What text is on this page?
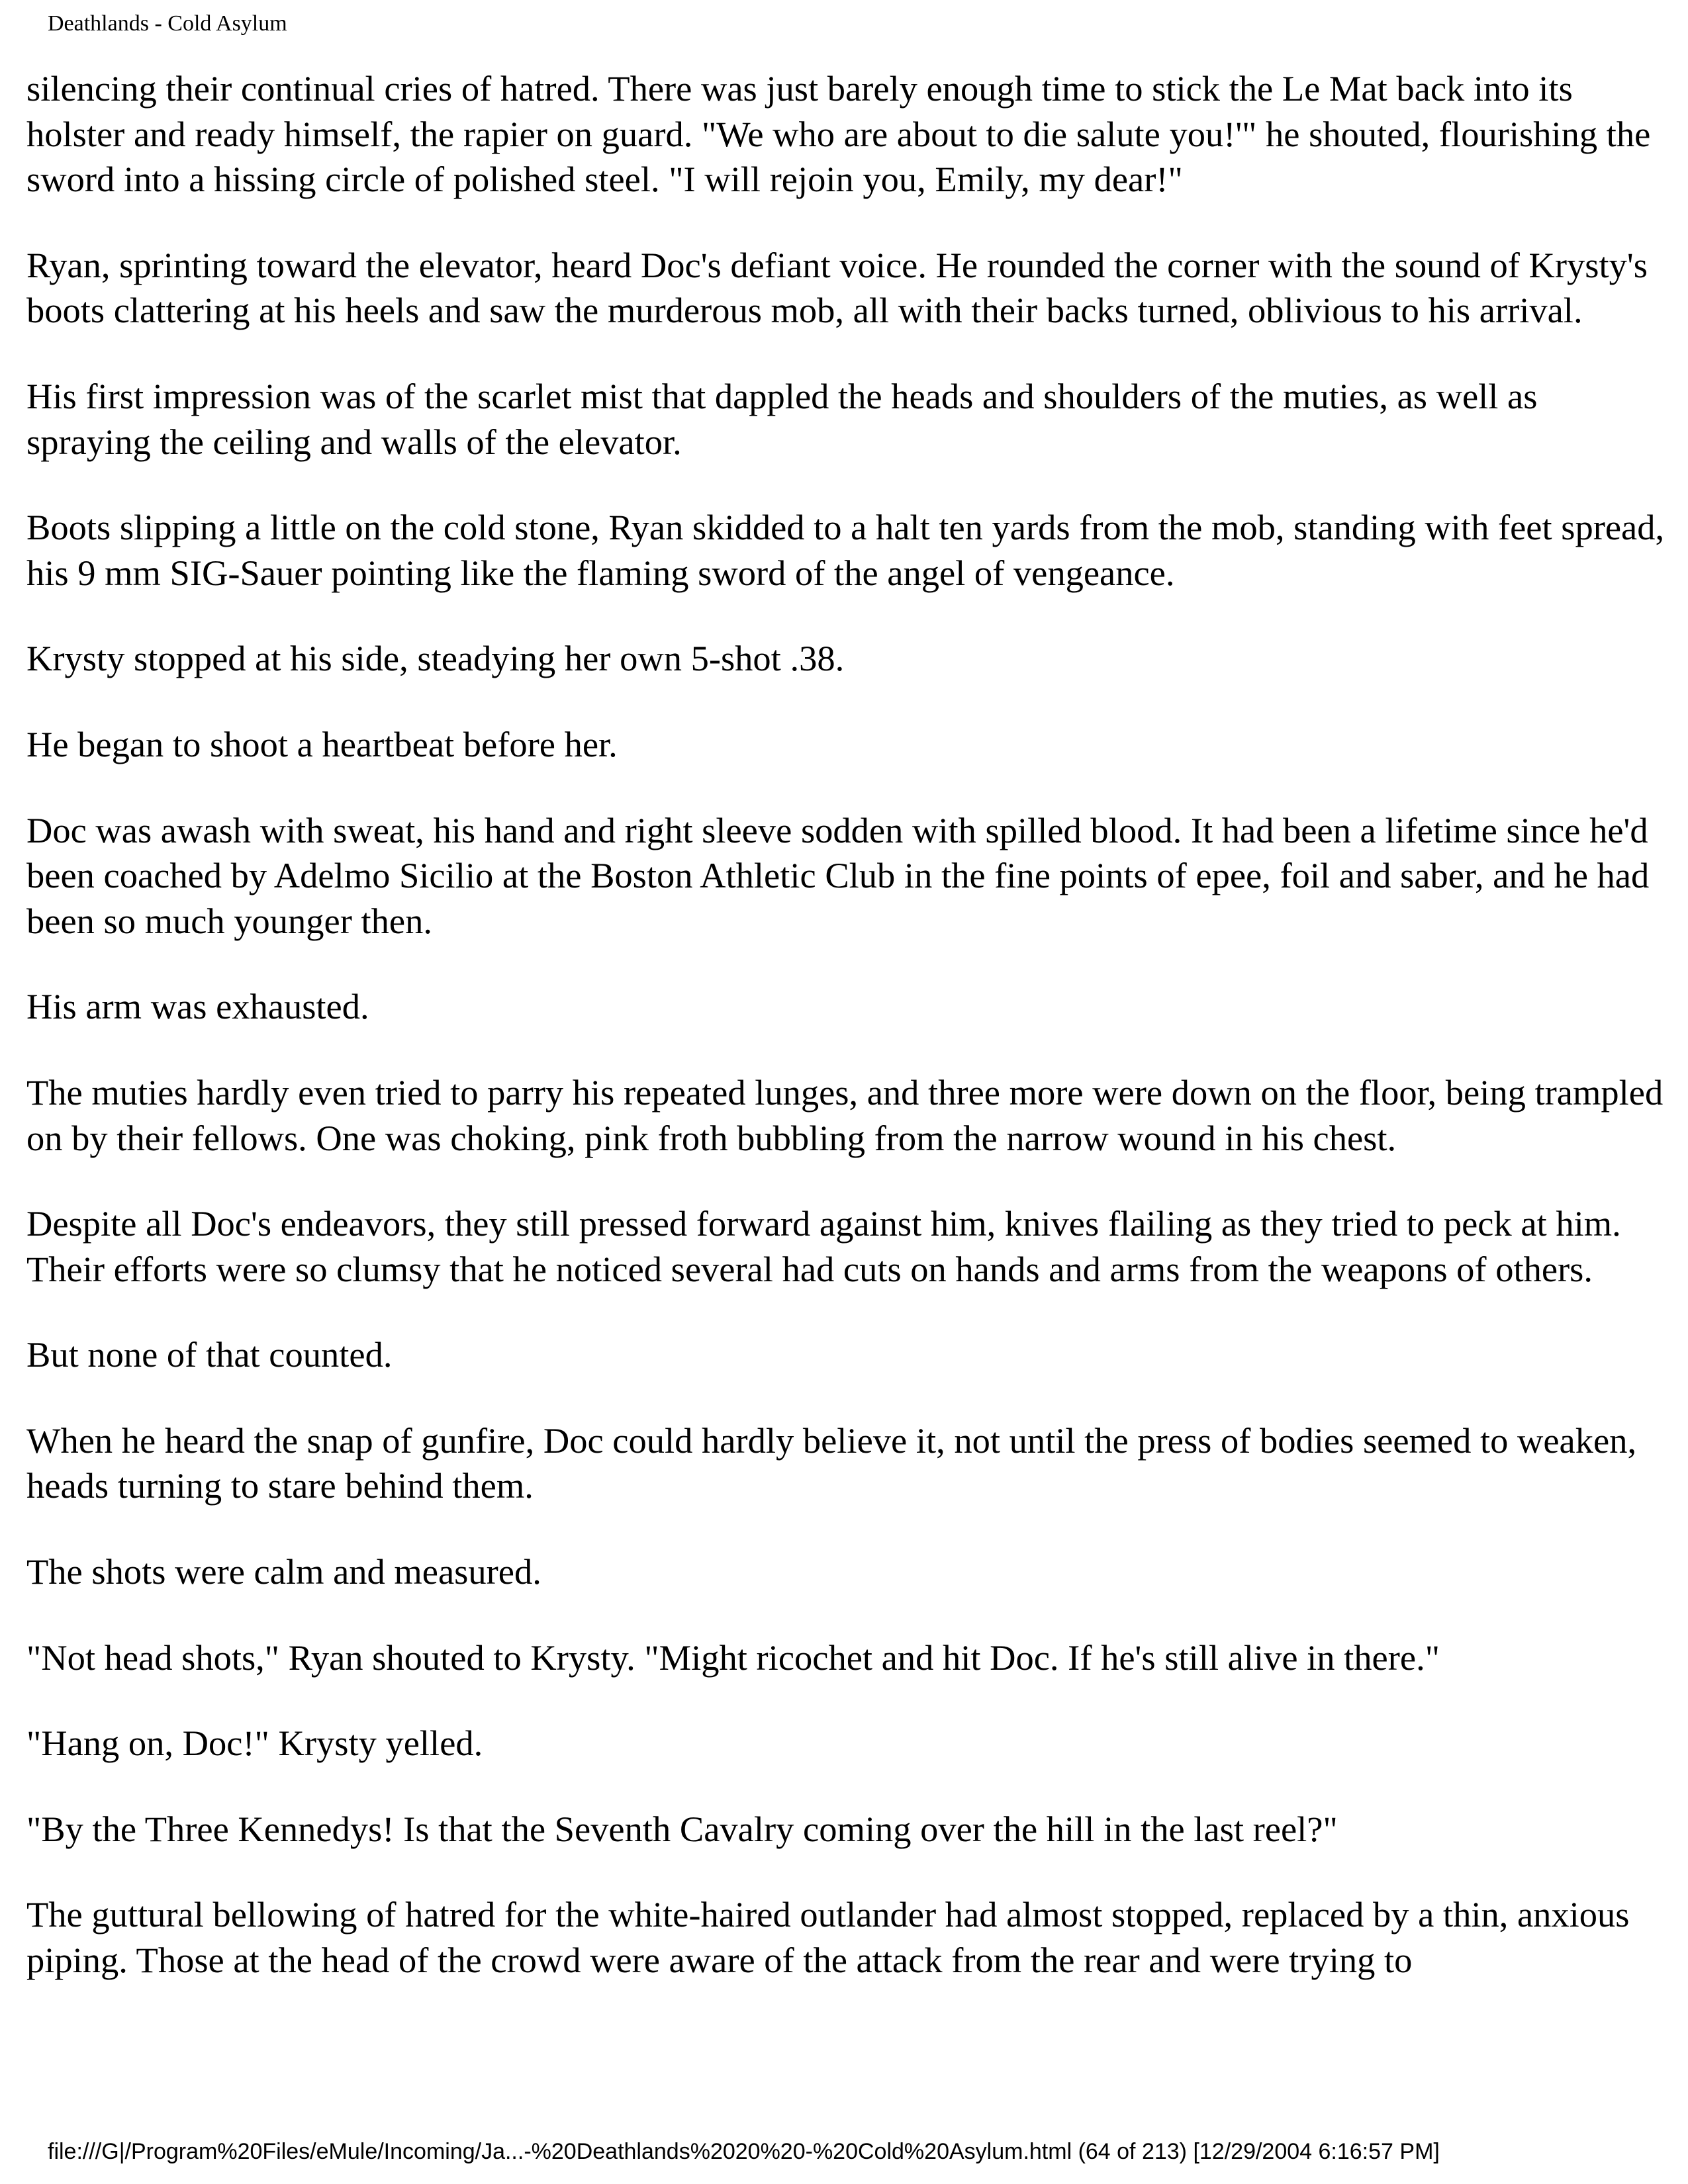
Deathlands - Cold Asylum

silencing their continual cries of hatred. There was just barely enough time to stick the Le Mat back into its holster and ready himself, the rapier on guard. "We who are about to die salute you!'" he shouted, flourishing the sword into a hissing circle of polished steel. "I will rejoin you, Emily, my dear!"

Ryan, sprinting toward the elevator, heard Doc's defiant voice. He rounded the corner with the sound of Krysty's boots clattering at his heels and saw the murderous mob, all with their backs turned, oblivious to his arrival.

His first impression was of the scarlet mist that dappled the heads and shoulders of the muties, as well as spraying the ceiling and walls of the elevator.

Boots slipping a little on the cold stone, Ryan skidded to a halt ten yards from the mob, standing with feet spread, his 9 mm SIG-Sauer pointing like the flaming sword of the angel of vengeance.

Krysty stopped at his side, steadying her own 5-shot .38.

He began to shoot a heartbeat before her.

Doc was awash with sweat, his hand and right sleeve sodden with spilled blood. It had been a lifetime since he'd been coached by Adelmo Sicilio at the Boston Athletic Club in the fine points of epee, foil and saber, and he had been so much younger then.

His arm was exhausted.

The muties hardly even tried to parry his repeated lunges, and three more were down on the floor, being trampled on by their fellows. One was choking, pink froth bubbling from the narrow wound in his chest.

Despite all Doc's endeavors, they still pressed forward against him, knives flailing as they tried to peck at him. Their efforts were so clumsy that he noticed several had cuts on hands and arms from the weapons of others.

But none of that counted.

When he heard the snap of gunfire, Doc could hardly believe it, not until the press of bodies seemed to weaken, heads turning to stare behind them.

The shots were calm and measured.

"Not head shots," Ryan shouted to Krysty. "Might ricochet and hit Doc. If he's still alive in there."

"Hang on, Doc!" Krysty yelled.

"By the Three Kennedys! Is that the Seventh Cavalry coming over the hill in the last reel?"

The guttural bellowing of hatred for the white-haired outlander had almost stopped, replaced by a thin, anxious piping. Those at the head of the crowd were aware of the attack from the rear and were trying to

file:///G|/Program%20Files/eMule/Incoming/Ja...-%20Deathlands%2020%20-%20Cold%20Asylum.html (64 of 213) [12/29/2004 6:16:57 PM]
